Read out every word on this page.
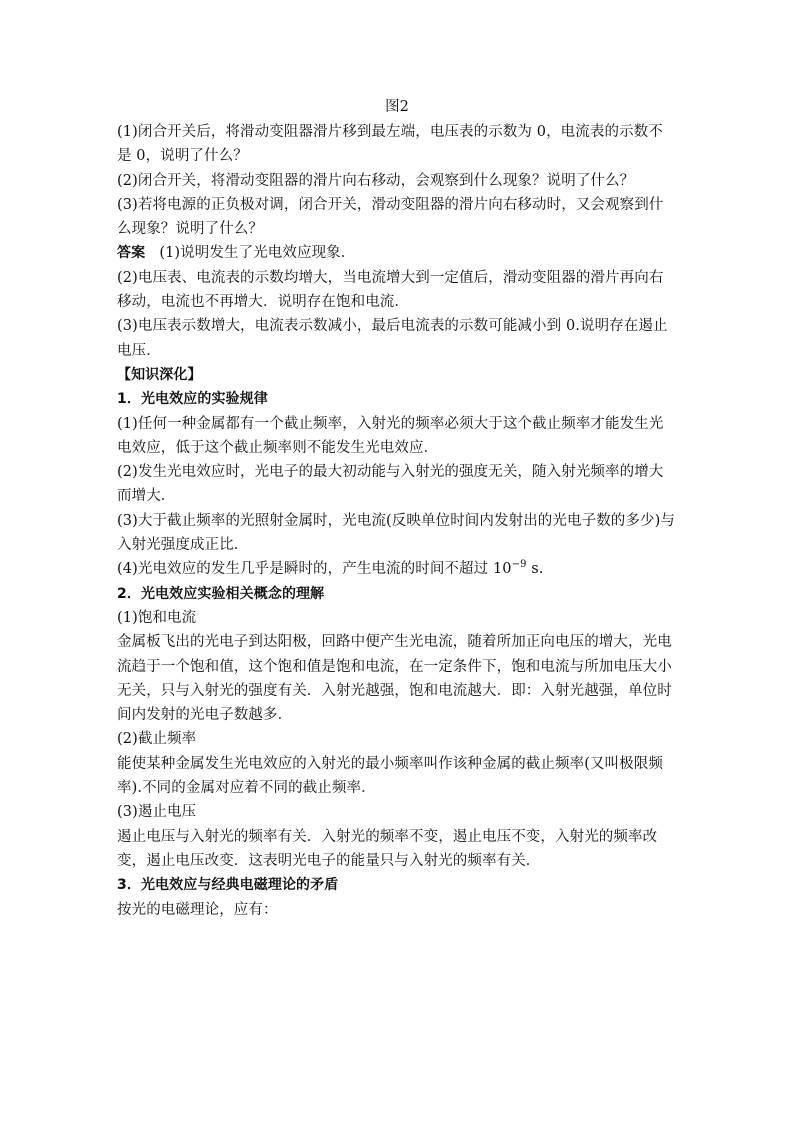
图2

(1)闭合开关后，将滑动变阻器滑片移到最左端，电压表的示数为 0，电流表的示数不是 0，说明了什么？

(2)闭合开关，将滑动变阻器的滑片向右移动，会观察到什么现象？说明了什么？

(3)若将电源的正负极对调，闭合开关，滑动变阻器的滑片向右移动时，又会观察到什么现象？说明了什么？

答案 (1)说明发生了光电效应现象．

(2)电压表、电流表的示数均增大，当电流增大到一定值后，滑动变阻器的滑片再向右移动，电流也不再增大．说明存在饱和电流．

(3)电压表示数增大，电流表示数减小，最后电流表的示数可能减小到 0.说明存在遏止电压．

【知识深化】

1．光电效应的实验规律

(1)任何一种金属都有一个截止频率，入射光的频率必须大于这个截止频率才能发生光电效应，低于这个截止频率则不能发生光电效应．

(2)发生光电效应时，光电子的最大初动能与入射光的强度无关，随入射光频率的增大而增大．

(3)大于截止频率的光照射金属时，光电流(反映单位时间内发射出的光电子数的多少)与入射光强度成正比．

(4)光电效应的发生几乎是瞬时的，产生电流的时间不超过 $10^{-9}$ s.

2．光电效应实验相关概念的理解

(1)饱和电流

金属板飞出的光电子到达阳极，回路中便产生光电流，随着所加正向电压的增大，光电流趋于一个饱和值，这个饱和值是饱和电流，在一定条件下，饱和电流与所加电压大小无关，只与入射光的强度有关．入射光越强，饱和电流越大．即：入射光越强，单位时间内发射的光电子数越多．

(2)截止频率

能使某种金属发生光电效应的入射光的最小频率叫作该种金属的截止频率(又叫极限频率).不同的金属对应着不同的截止频率．

(3)遏止电压

遏止电压与入射光的频率有关．入射光的频率不变，遏止电压不变，入射光的频率改变，遏止电压改变．这表明光电子的能量只与入射光的频率有关．

3．光电效应与经典电磁理论的矛盾

按光的电磁理论，应有：
